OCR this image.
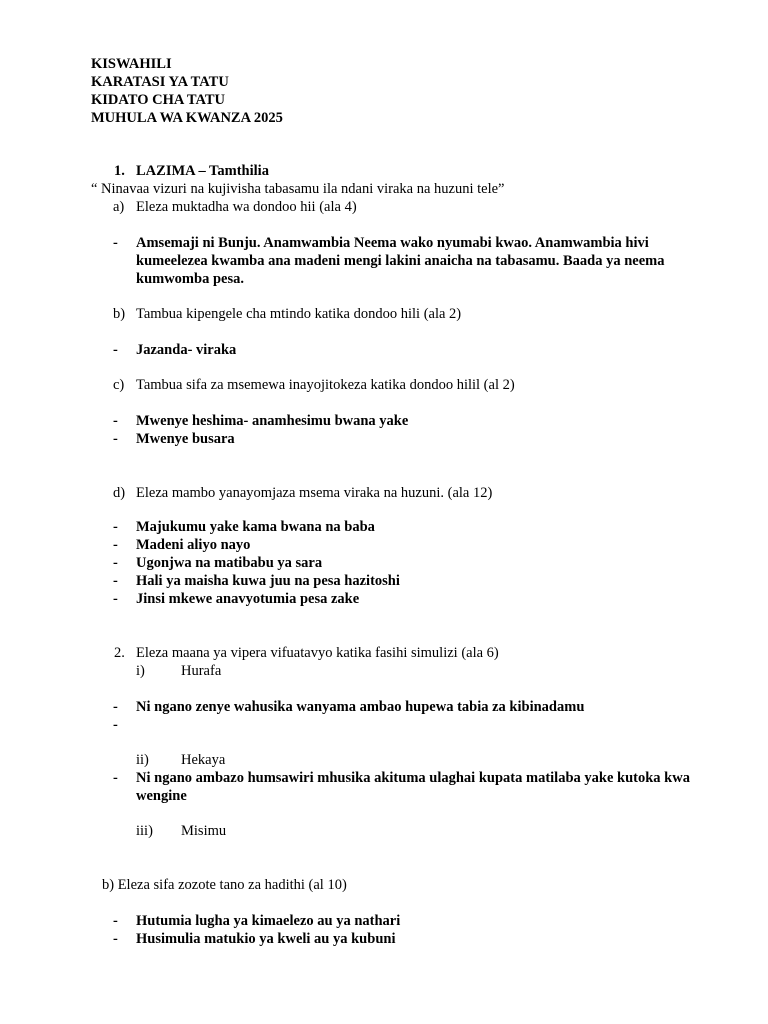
KISWAHILI
KARATASI YA TATU
KIDATO CHA TATU
MUHULA WA KWANZA 2025
1. LAZIMA – Tamthilia
“ Ninavaa vizuri na kujivisha tabasamu ila ndani viraka na huzuni tele”
a) Eleza muktadha wa dondoo hii (ala 4)
- Amsemaji ni Bunju. Anamwambia Neema wako nyumabi kwao. Anamwambia hivi
kumeelezea kwamba ana madeni mengi lakini anaicha na tabasamu. Baada ya neema
kumwomba pesa.
b) Tambua kipengele cha mtindo katika dondoo hili (ala 2)
- Jazanda- viraka
c) Tambua sifa za msemewa inayojitokeza katika dondoo hilil (al 2)
- Mwenye heshima- anamhesimu bwana yake
- Mwenye busara
d) Eleza mambo yanayomjaza msema viraka na huzuni. (ala 12)
- Majukumu yake kama bwana na baba
- Madeni aliyo nayo
- Ugonjwa na matibabu ya sara
- Hali ya maisha kuwa juu na pesa hazitoshi
- Jinsi mkewe anavyotumia pesa zake
2. Eleza maana ya vipera vifuatavyo katika fasihi simulizi (ala 6)
i) Hurafa
- Ni ngano zenye wahusika wanyama ambao hupewa tabia za kibinadamu
-
ii) Hekaya
- Ni ngano ambazo humsawiri mhusika akituma ulaghai kupata matilaba yake kutoka kwa
wengine
iii) Misimu
b) Eleza sifa zozote tano za hadithi (al 10)
- Hutumia lugha ya kimaelezo au ya nathari
- Husimulia matukio ya kweli au ya kubuni
